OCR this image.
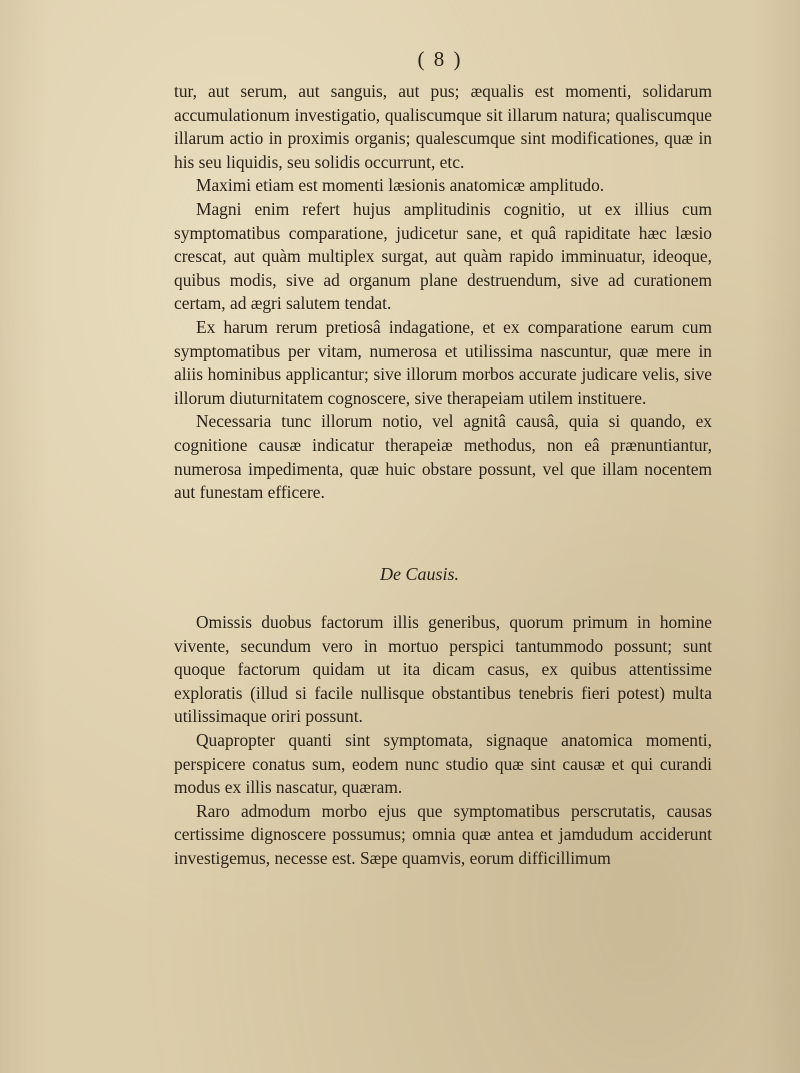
( 8 )

tur, aut serum, aut sanguis, aut pus; æqualis est momenti, solidarum accumulationum investigatio, qualiscumque sit illarum natura; qualiscumque illarum actio in proximis organis; qualescumque sint modificationes, quæ in his seu liquidis, seu solidis occurrunt, etc.

Maximi etiam est momenti læsionis anatomicæ amplitudo.

Magni enim refert hujus amplitudinis cognitio, ut ex illius cum symptomatibus comparatione, judicetur sane, et quâ rapiditate hæc læsio crescat, aut quàm multiplex surgat, aut quàm rapido imminuatur, ideoque, quibus modis, sive ad organum plane destruendum, sive ad curationem certam, ad ægri salutem tendat.

Ex harum rerum pretiosâ indagatione, et ex comparatione earum cum symptomatibus per vitam, numerosa et utilissima nascuntur, quæ mere in aliis hominibus applicantur; sive illorum morbos accurate judicare velis, sive illorum diuturnitatem cognoscere, sive therapeiam utilem instituere.

Necessaria tunc illorum notio, vel agnitâ causâ, quia si quando, ex cognitione causæ indicatur therapeiæ methodus, non eâ prænuntiantur, numerosa impedimenta, quæ huic obstare possunt, vel que illam nocentem aut funestam efficere.

De Causis.

Omissis duobus factorum illis generibus, quorum primum in homine vivente, secundum vero in mortuo perspici tantummodo possunt; sunt quoque factorum quidam ut ita dicam casus, ex quibus attentissime exploratis (illud si facile nullisque obstantibus tenebris fieri potest) multa utilissimaque oriri possunt.

Quapropter quanti sint symptomata, signaque anatomica momenti, perspicere conatus sum, eodem nunc studio quæ sint causæ et qui curandi modus ex illis nascatur, quæram.

Raro admodum morbo ejus que symptomatibus perscrutatis, causas certissime dignoscere possumus; omnia quæ antea et jamdudum acciderunt investigemus, necesse est. Sæpe quamvis, eorum difficillimum
